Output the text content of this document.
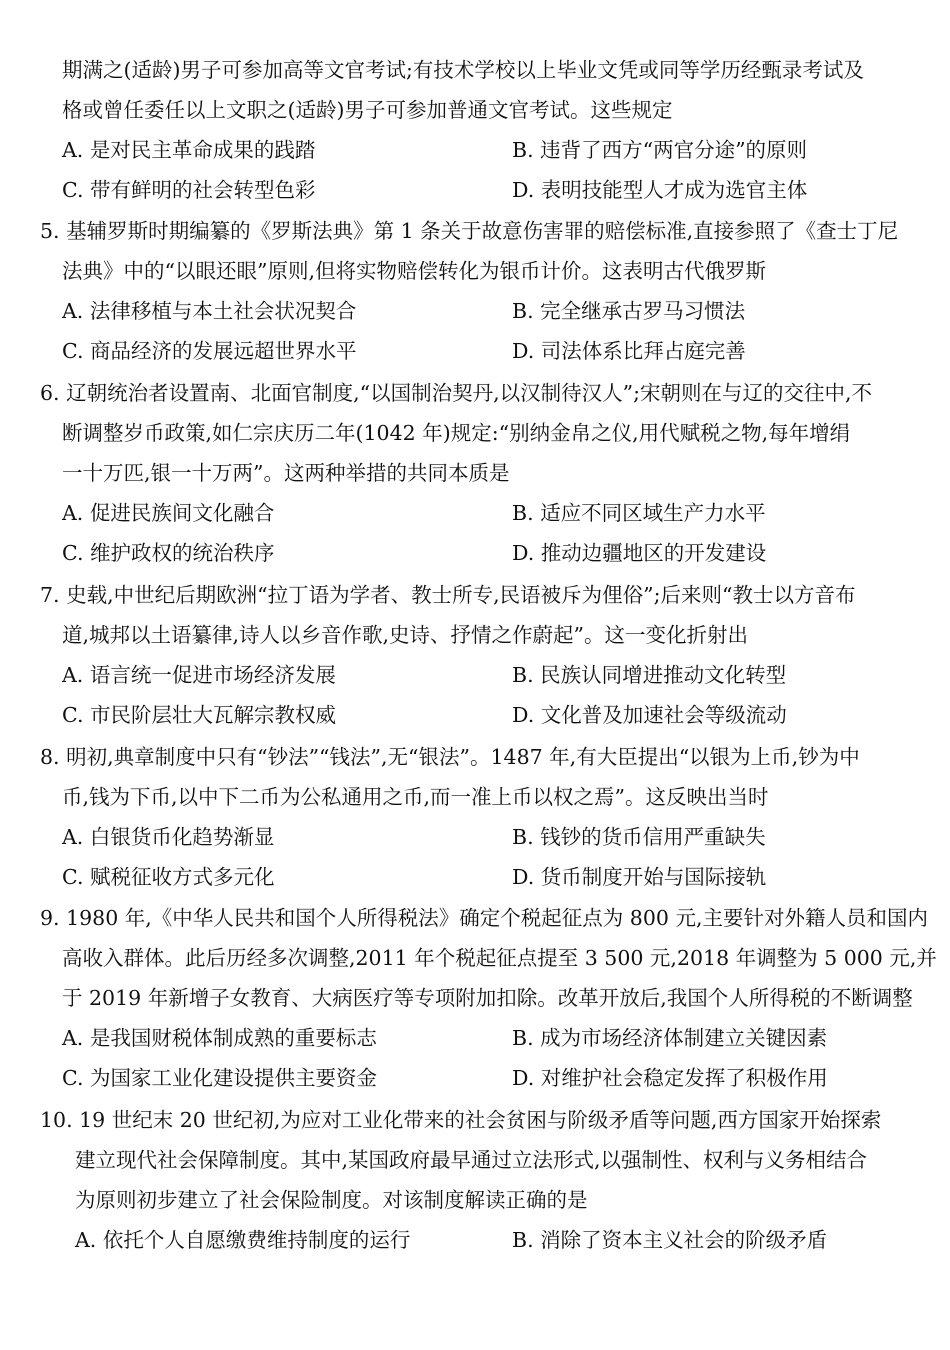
期满之(适龄)男子可参加高等文官考试;有技术学校以上毕业文凭或同等学历经甄录考试及
格或曾任委任以上文职之(适龄)男子可参加普通文官考试。这些规定
A. 是对民主革命成果的践踏	B. 违背了西方“两官分途”的原则
C. 带有鲜明的社会转型色彩	D. 表明技能型人才成为选官主体
5. 基辅罗斯时期编纂的《罗斯法典》第 1 条关于故意伤害罪的赔偿标准,直接参照了《查士丁尼
法典》中的“以眼还眼”原则,但将实物赔偿转化为银币计价。这表明古代俄罗斯
A. 法律移植与本土社会状况契合	B. 完全继承古罗马习惯法
C. 商品经济的发展远超世界水平	D. 司法体系比拜占庭完善
6. 辽朝统治者设置南、北面官制度,“以国制治契丹,以汉制待汉人”;宋朝则在与辽的交往中,不
断调整岁币政策,如仁宗庆历二年(1042 年)规定:“别纳金帛之仪,用代赋税之物,每年增绢
一十万匹,银一十万两”。这两种举措的共同本质是
A. 促进民族间文化融合	B. 适应不同区域生产力水平
C. 维护政权的统治秩序	D. 推动边疆地区的开发建设
7. 史载,中世纪后期欧洲“拉丁语为学者、教士所专,民语被斥为俚俗”;后来则“教士以方音布
道,城邦以土语纂律,诗人以乡音作歌,史诗、抒情之作蔚起”。这一变化折射出
A. 语言统一促进市场经济发展	B. 民族认同增进推动文化转型
C. 市民阶层壮大瓦解宗教权威	D. 文化普及加速社会等级流动
8. 明初,典章制度中只有“钞法”“钱法”,无“银法”。1487 年,有大臣提出“以银为上币,钞为中
币,钱为下币,以中下二币为公私通用之币,而一准上币以权之焉”。这反映出当时
A. 白银货币化趋势渐显	B. 钱钞的货币信用严重缺失
C. 赋税征收方式多元化	D. 货币制度开始与国际接轨
9. 1980 年,《中华人民共和国个人所得税法》确定个税起征点为 800 元,主要针对外籍人员和国内
高收入群体。此后历经多次调整,2011 年个税起征点提至 3 500 元,2018 年调整为 5 000 元,并
于 2019 年新增子女教育、大病医疗等专项附加扣除。改革开放后,我国个人所得税的不断调整
A. 是我国财税体制成熟的重要标志	B. 成为市场经济体制建立关键因素
C. 为国家工业化建设提供主要资金	D. 对维护社会稳定发挥了积极作用
10. 19 世纪末 20 世纪初,为应对工业化带来的社会贫困与阶级矛盾等问题,西方国家开始探索
建立现代社会保障制度。其中,某国政府最早通过立法形式,以强制性、权利与义务相结合
为原则初步建立了社会保险制度。对该制度解读正确的是
A. 依托个人自愿缴费维持制度的运行	B. 消除了资本主义社会的阶级矛盾
